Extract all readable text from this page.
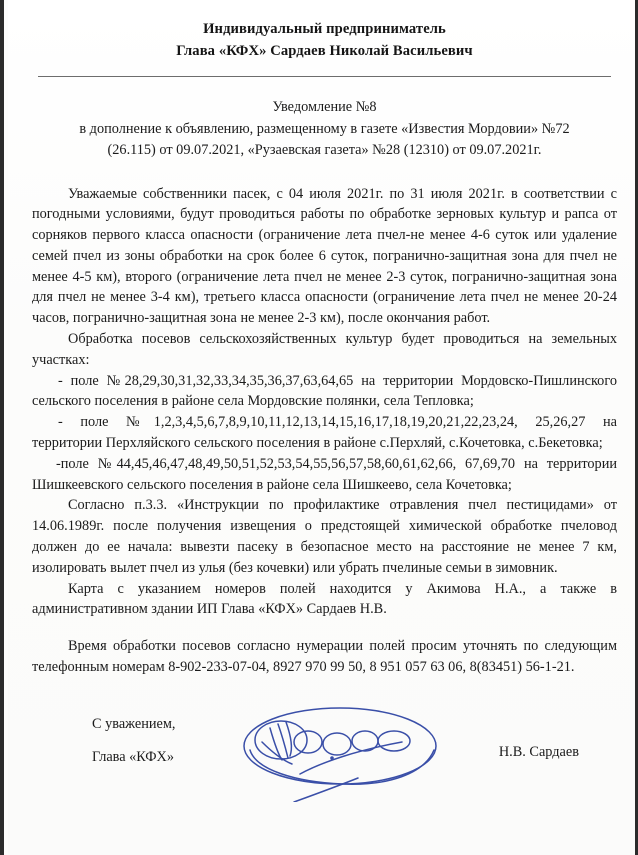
Индивидуальный предприниматель
Глава «КФХ» Сардаев Николай Васильевич
Уведомление №8
в дополнение к объявлению, размещенному в газете «Известия Мордовии» №72
(26.115) от 09.07.2021, «Рузаевская газета» №28 (12310) от 09.07.2021г.

Уважаемые собственники пасек, с 04 июля 2021г. по 31 июля 2021г. в соответствии с погодными условиями, будут проводиться работы по обработке зерновых культур и рапса от сорняков первого класса опасности (ограничение лета пчел-не менее 4-6 суток или удаление семей пчел из зоны обработки на срок более 6 суток, погранично-защитная зона для пчел не менее 4-5 км), второго (ограничение лета пчел не менее 2-3 суток, погранично-защитная зона для пчел не менее 3-4 км), третьего класса опасности (ограничение лета пчел не менее 20-24 часов, погранично-защитная зона не менее 2-3 км), после окончания работ.

Обработка посевов сельскохозяйственных культур будет проводиться на земельных участках:

- поле №28,29,30,31,32,33,34,35,36,37,63,64,65 на территории Мордовско-Пишлинского сельского поселения в районе села Мордовские полянки, села Тепловка;

- поле №1,2,3,4,5,6,7,8,9,10,11,12,13,14,15,16,17,18,19,20,21,22,23,24, 25,26,27 на территории Перхляйского сельского поселения в районе с.Перхляй, с.Кочетовка, с.Бекетовка;

-поле №44,45,46,47,48,49,50,51,52,53,54,55,56,57,58,60,61,62,66, 67,69,70 на территории Шишкеевского сельского поселения в районе села Шишкеево, села Кочетовка;

Согласно п.3.3. «Инструкции по профилактике отравления пчел пестицидами» от 14.06.1989г. после получения извещения о предстоящей химической обработке пчеловод должен до ее начала: вывезти пасеку в безопасное место на расстояние не менее 7 км, изолировать вылет пчел из улья (без кочевки) или убрать пчелиные семьи в зимовник.

Карта с указанием номеров полей находится у Акимова Н.А., а также в административном здании ИП Глава «КФХ» Сардаев Н.В.

Время обработки посевов согласно нумерации полей просим уточнять по следующим телефонным номерам 8-902-233-07-04, 8927 970 99 50, 8 951 057 63 06, 8(83451) 56-1-21.

С уважением,
Глава «КФХ»	Н.В. Сардаев
